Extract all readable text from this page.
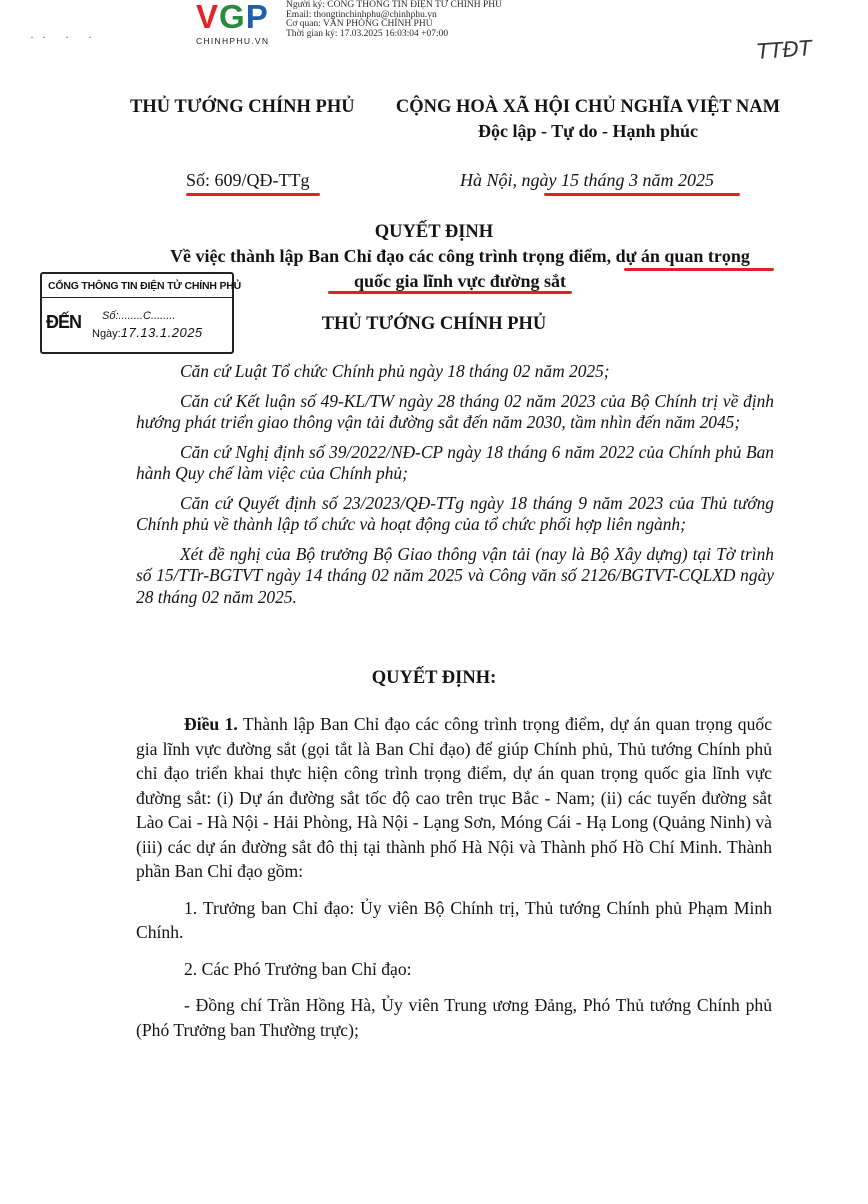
VGP
CHINHPHU.VN
Người ký: CỔNG THÔNG TIN ĐIỆN TỬ CHÍNH PHỦ
Email: thongtinchinhphu@chinhphu.vn
Cơ quan: VĂN PHÒNG CHÍNH PHỦ
Thời gian ký: 17.03.2025 16:03:04 +07:00
·· · ·	TTĐT
THỦ TƯỚNG CHÍNH PHỦ	CỘNG HOÀ XÃ HỘI CHỦ NGHĨA VIỆT NAM
Độc lập - Tự do - Hạnh phúc
Số: 609/QĐ-TTg	Hà Nội, ngày 15 tháng 3 năm 2025
QUYẾT ĐỊNH
Về việc thành lập Ban Chỉ đạo các công trình trọng điểm, dự án quan trọng
quốc gia lĩnh vực đường sắt
CỔNG THÔNG TIN ĐIỆN TỬ CHÍNH PHỦ
ĐẾN Số:........C........
Ngày:17.13.1.2025	THỦ TƯỚNG CHÍNH PHỦ

Căn cứ Luật Tổ chức Chính phủ ngày 18 tháng 02 năm 2025;

Căn cứ Kết luận số 49-KL/TW ngày 28 tháng 02 năm 2023 của Bộ Chính trị về định hướng phát triển giao thông vận tải đường sắt đến năm 2030, tầm nhìn đến năm 2045;

Căn cứ Nghị định số 39/2022/NĐ-CP ngày 18 tháng 6 năm 2022 của Chính phủ Ban hành Quy chế làm việc của Chính phủ;

Căn cứ Quyết định số 23/2023/QĐ-TTg ngày 18 tháng 9 năm 2023 của Thủ tướng Chính phủ về thành lập tổ chức và hoạt động của tổ chức phối hợp liên ngành;

Xét đề nghị của Bộ trưởng Bộ Giao thông vận tải (nay là Bộ Xây dựng) tại Tờ trình số 15/TTr-BGTVT ngày 14 tháng 02 năm 2025 và Công văn số 2126/BGTVT-CQLXD ngày 28 tháng 02 năm 2025.

QUYẾT ĐỊNH:

Điều 1. Thành lập Ban Chỉ đạo các công trình trọng điểm, dự án quan trọng quốc gia lĩnh vực đường sắt (gọi tắt là Ban Chỉ đạo) để giúp Chính phủ, Thủ tướng Chính phủ chỉ đạo triển khai thực hiện công trình trọng điểm, dự án quan trọng quốc gia lĩnh vực đường sắt: (i) Dự án đường sắt tốc độ cao trên trục Bắc - Nam; (ii) các tuyến đường sắt Lào Cai - Hà Nội - Hải Phòng, Hà Nội - Lạng Sơn, Móng Cái - Hạ Long (Quảng Ninh) và (iii) các dự án đường sắt đô thị tại thành phố Hà Nội và Thành phố Hồ Chí Minh. Thành phần Ban Chỉ đạo gồm:

1. Trưởng ban Chỉ đạo: Ủy viên Bộ Chính trị, Thủ tướng Chính phủ Phạm Minh Chính.

2. Các Phó Trưởng ban Chỉ đạo:

- Đồng chí Trần Hồng Hà, Ủy viên Trung ương Đảng, Phó Thủ tướng Chính phủ (Phó Trưởng ban Thường trực);
